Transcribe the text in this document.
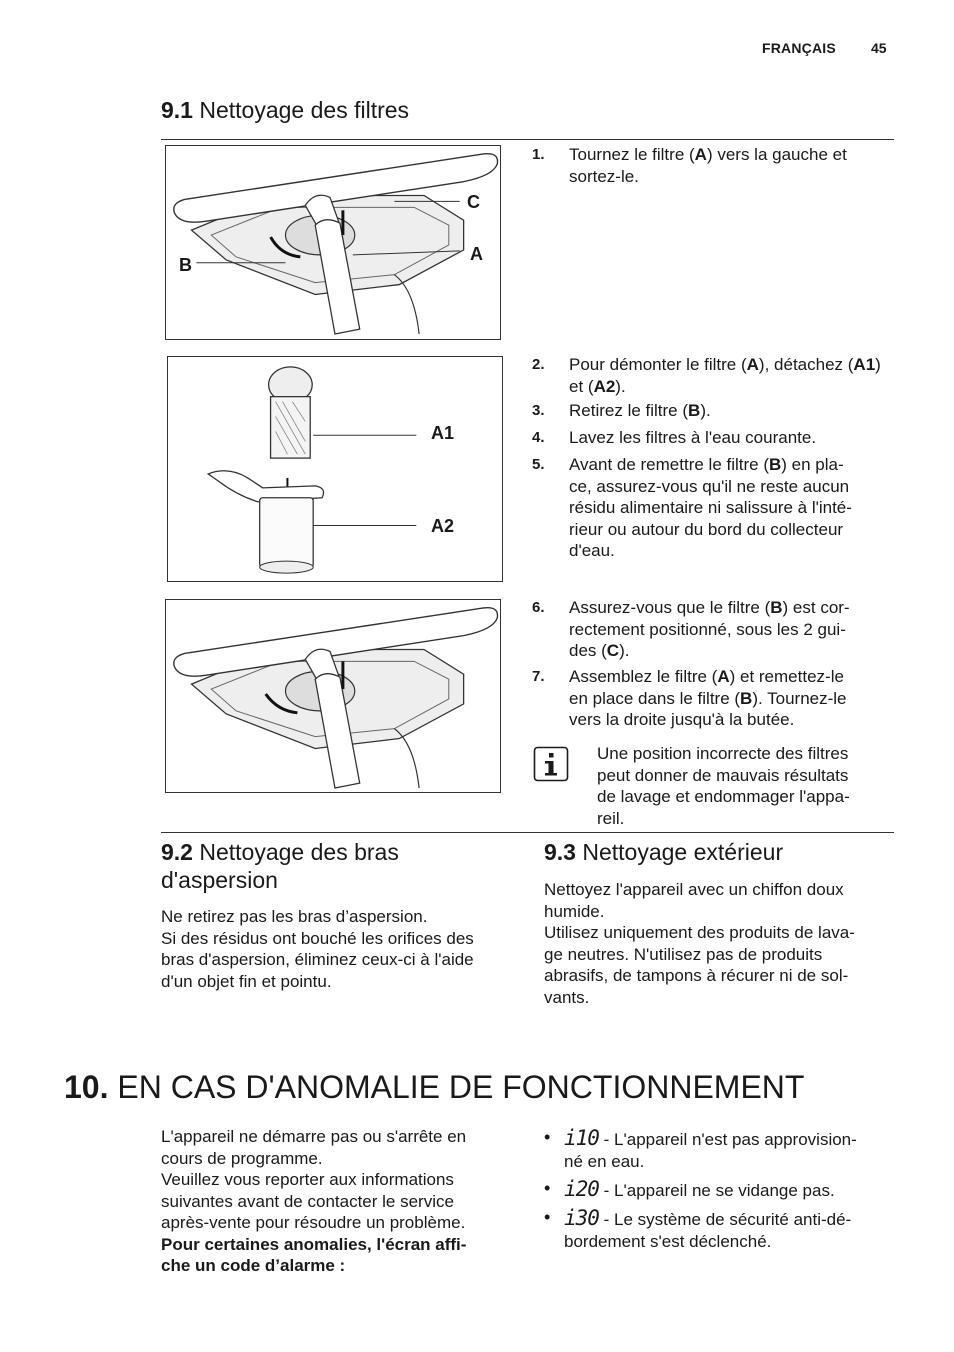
FRANÇAIS	45
9.1 Nettoyage des filtres
C
A
B
A1
A2
1. Tournez le filtre (A) vers la gauche et sortez-le.
2. Pour démonter le filtre (A), détachez (A1) et (A2).
3. Retirez le filtre (B).
4. Lavez les filtres à l'eau courante.
5. Avant de remettre le filtre (B) en pla-
ce, assurez-vous qu'il ne reste aucun
résidu alimentaire ni salissure à l'inté-
rieur ou autour du bord du collecteur
d'eau.
6. Assurez-vous que le filtre (B) est cor-
rectement positionné, sous les 2 gui-
des (C).
7. Assemblez le filtre (A) et remettez-le
en place dans le filtre (B). Tournez-le
vers la droite jusqu'à la butée.
Une position incorrecte des filtres
peut donner de mauvais résultats
de lavage et endommager l'appa-
reil.
9.2 Nettoyage des bras
d'aspersion
Ne retirez pas les bras d’aspersion.
Si des résidus ont bouché les orifices des
bras d'aspersion, éliminez ceux-ci à l'aide
d'un objet fin et pointu.
9.3 Nettoyage extérieur
Nettoyez l'appareil avec un chiffon doux
humide.
Utilisez uniquement des produits de lava-
ge neutres. N'utilisez pas de produits
abrasifs, de tampons à récurer ni de sol-
vants.
10. EN CAS D'ANOMALIE DE FONCTIONNEMENT
L'appareil ne démarre pas ou s'arrête en
cours de programme.
Veuillez vous reporter aux informations
suivantes avant de contacter le service
après-vente pour résoudre un problème.
Pour certaines anomalies, l'écran affi-
che un code d’alarme :
• i10 - L'appareil n'est pas approvision-
né en eau.
• i20 - L'appareil ne se vidange pas.
• i30 - Le système de sécurité anti-dé-
bordement s'est déclenché.
